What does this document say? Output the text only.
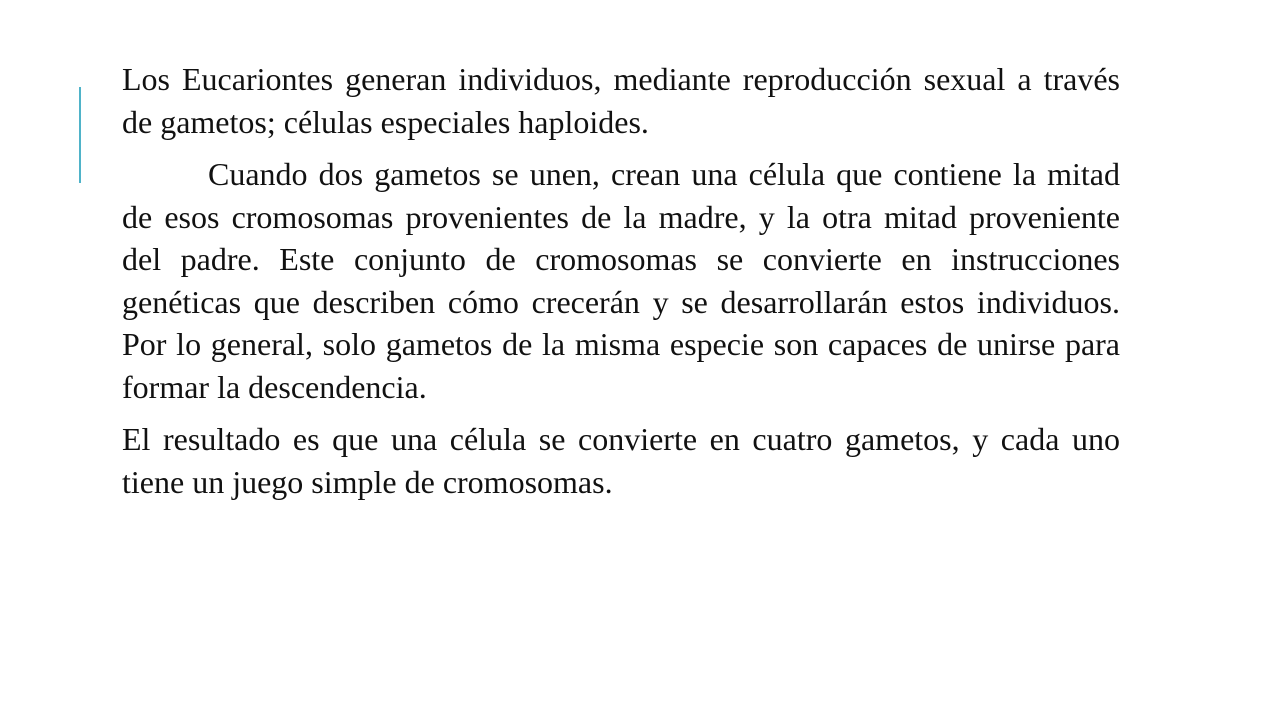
Los Eucariontes generan individuos, mediante reproducción sexual a través de gametos; células especiales haploides.

Cuando dos gametos se unen, crean una célula que contiene la mitad de esos cromosomas provenientes de la madre, y la otra mitad proveniente del padre. Este conjunto de cromosomas se convierte en instrucciones genéticas que describen cómo crecerán y se desarrollarán estos individuos. Por lo general, solo gametos de la misma especie son capaces de unirse para formar la descendencia.

El resultado es que una célula se convierte en cuatro gametos, y cada uno tiene un juego simple de cromosomas.
